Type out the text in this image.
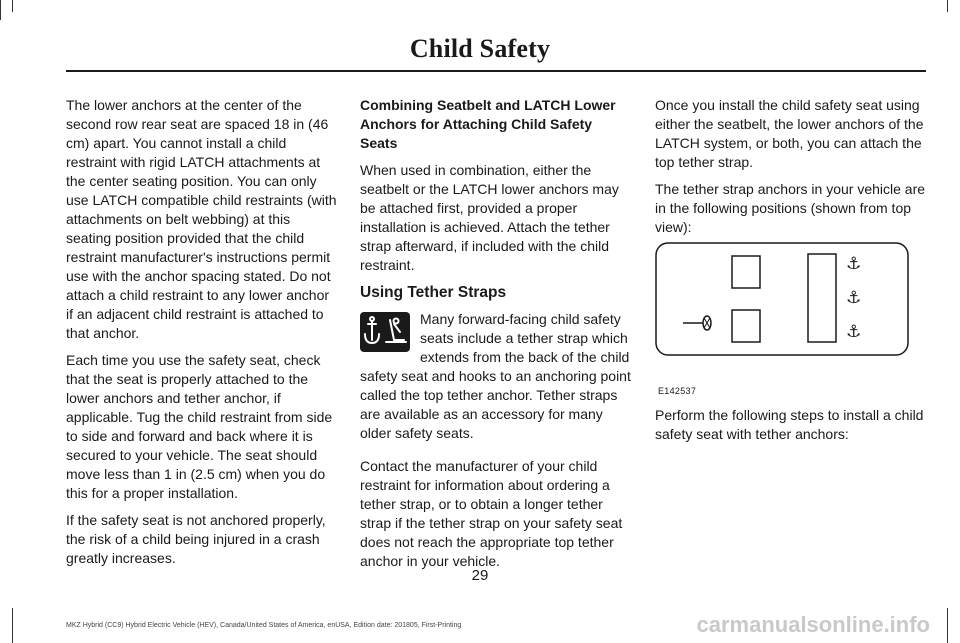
Child Safety

The lower anchors at the center of the second row rear seat are spaced 18 in (46 cm) apart. You cannot install a child restraint with rigid LATCH attachments at the center seating position. You can only use LATCH compatible child restraints (with attachments on belt webbing) at this seating position provided that the child restraint manufacturer's instructions permit use with the anchor spacing stated. Do not attach a child restraint to any lower anchor if an adjacent child restraint is attached to that anchor.

Each time you use the safety seat, check that the seat is properly attached to the lower anchors and tether anchor, if applicable. Tug the child restraint from side to side and forward and back where it is secured to your vehicle. The seat should move less than 1 in (2.5 cm) when you do this for a proper installation.

If the safety seat is not anchored properly, the risk of a child being injured in a crash greatly increases.

Combining Seatbelt and LATCH Lower Anchors for Attaching Child Safety Seats

When used in combination, either the seatbelt or the LATCH lower anchors may be attached first, provided a proper installation is achieved. Attach the tether strap afterward, if included with the child restraint.

Using Tether Straps

Many forward-facing child safety seats include a tether strap which extends from the back of the child safety seat and hooks to an anchoring point called the top tether anchor. Tether straps are available as an accessory for many older safety seats.

Contact the manufacturer of your child restraint for information about ordering a tether strap, or to obtain a longer tether strap if the tether strap on your safety seat does not reach the appropriate top tether anchor in your vehicle.

Once you install the child safety seat using either the seatbelt, the lower anchors of the LATCH system, or both, you can attach the top tether strap.

The tether strap anchors in your vehicle are in the following positions (shown from top view):

⚓
⚓
⚓
E142537

Perform the following steps to install a child safety seat with tether anchors:

29
MKZ Hybrid (CC9) Hybrid Electric Vehicle (HEV), Canada/United States of America, enUSA, Edition date: 201805, First-Printing	carmanualsonline.info
